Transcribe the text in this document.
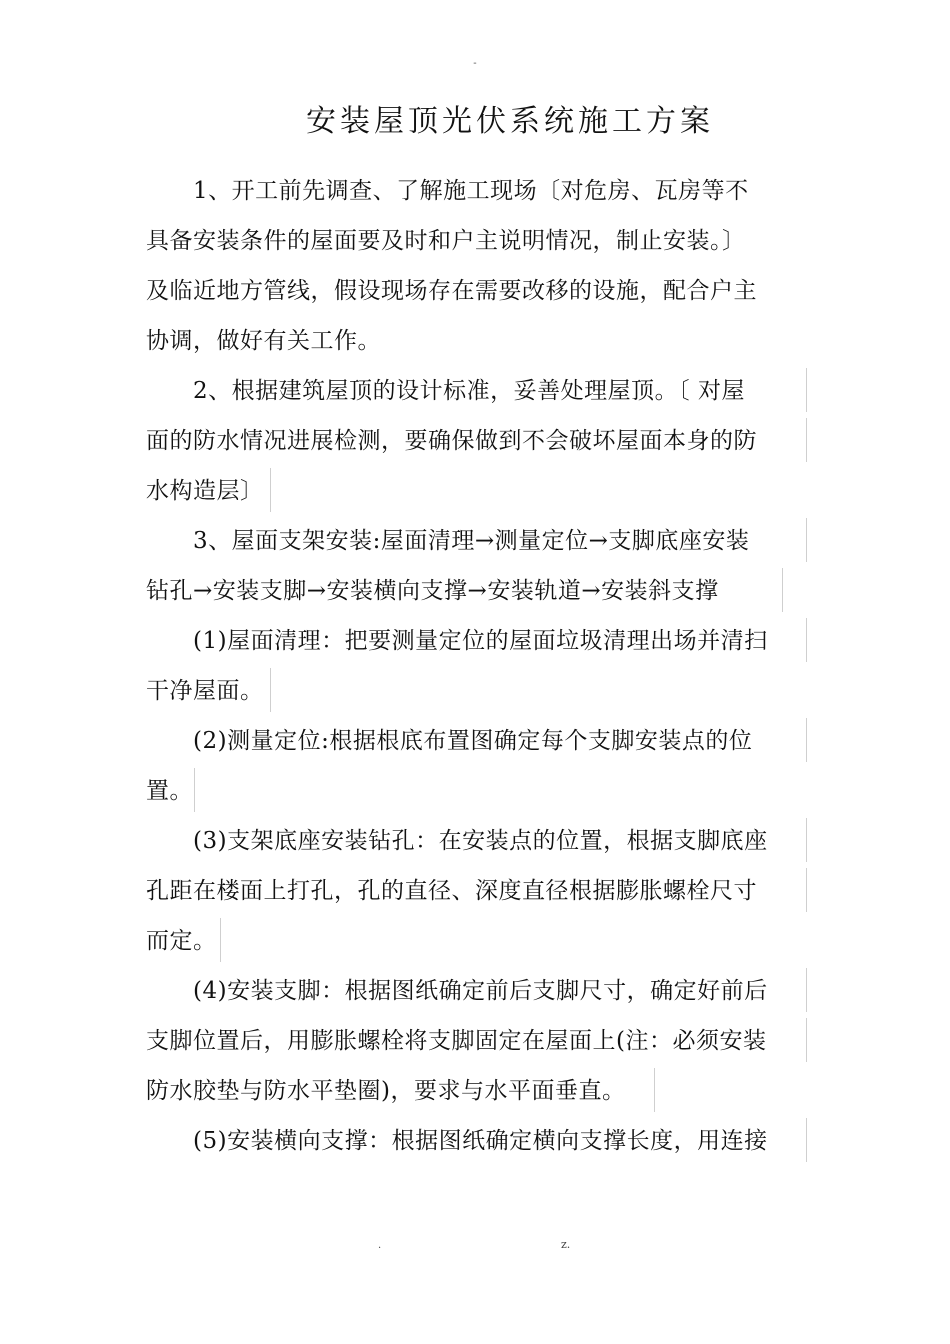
-
安装屋顶光伏系统施工方案
　　1、开工前先调查、了解施工现场〔对危房、瓦房等不
具备安装条件的屋面要及时和户主说明情况，制止安装。〕
及临近地方管线，假设现场存在需要改移的设施，配合户主
协调，做好有关工作。
　　2、根据建筑屋顶的设计标准，妥善处理屋顶。〔 对屋
面的防水情况进展检测，要确保做到不会破坏屋面本身的防
水构造层〕
　　3、屋面支架安装:屋面清理→测量定位→支脚底座安装
钻孔→安装支脚→安装横向支撑→安装轨道→安装斜支撑
　　(1)屋面清理：把要测量定位的屋面垃圾清理出场并清扫
干净屋面。
　　(2)测量定位:根据根底布置图确定每个支脚安装点的位
置。
　　(3)支架底座安装钻孔：在安装点的位置，根据支脚底座
孔距在楼面上打孔，孔的直径、深度直径根据膨胀螺栓尺寸
而定。
　　(4)安装支脚：根据图纸确定前后支脚尺寸，确定好前后
支脚位置后，用膨胀螺栓将支脚固定在屋面上(注：必须安装
防水胶垫与防水平垫圈)，要求与水平面垂直。
　　(5)安装横向支撑：根据图纸确定横向支撑长度，用连接
.	z.
